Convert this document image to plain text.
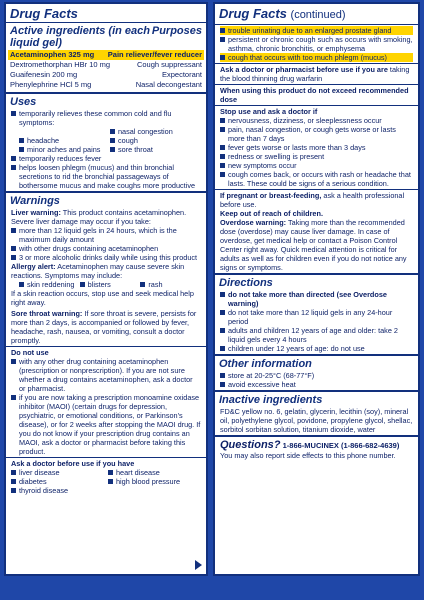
Drug Facts
Active ingredients (in each liquid gel)
Purposes
Acetaminophen 325 mg Pain reliever/fever reducer
Dextromethorphan HBr 10 mg	Cough suppressant
Guaifenesin 200 mg	Expectorant
Phenylephrine HCl 5 mg	Nasal decongestant
Uses
temporarily relieves these common cold and flu symptoms:
nasal congestion
headache	cough
minor aches and pains	sore throat
temporarily reduces fever
helps loosen phlegm (mucus) and thin bronchial secretions to rid the bronchial passageways of bothersome mucus and make coughs more productive
Warnings
Liver warning: This product contains acetaminophen. Severe liver damage may occur if you take:
more than 12 liquid gels in 24 hours, which is the maximum daily amount
with other drugs containing acetaminophen
3 or more alcoholic drinks daily while using this product
Allergy alert: Acetaminophen may cause severe skin reactions. Symptoms may include:
skin reddening	blisters	rash
If a skin reaction occurs, stop use and seek medical help right away.
Sore throat warning: If sore throat is severe, persists for more than 2 days, is accompanied or followed by fever, headache, rash, nausea, or vomiting, consult a doctor promptly.
Do not use
with any other drug containing acetaminophen (prescription or nonprescription). If you are not sure whether a drug contains acetaminophen, ask a doctor or pharmacist.
if you are now taking a prescription monoamine oxidase inhibitor (MAOI) (certain drugs for depression, psychiatric, or emotional conditions, or Parkinson's disease), or for 2 weeks after stopping the MAOI drug. If you do not know if your prescription drug contains an MAOI, ask a doctor or pharmacist before taking this product.
Ask a doctor before use if you have
liver disease	heart disease
diabetes	high blood pressure
thyroid disease
Drug Facts (continued)
trouble urinating due to an enlarged prostate gland
persistent or chronic cough such as occurs with smoking, asthma, chronic bronchitis, or emphysema
cough that occurs with too much phlegm (mucus)
Ask a doctor or pharmacist before use if you are taking the blood thinning drug warfarin
When using this product do not exceed recommended dose
Stop use and ask a doctor if
nervousness, dizziness, or sleeplessness occur
pain, nasal congestion, or cough gets worse or lasts more than 7 days
fever gets worse or lasts more than 3 days
redness or swelling is present
new symptoms occur
cough comes back, or occurs with rash or headache that lasts. These could be signs of a serious condition.
If pregnant or breast-feeding, ask a health professional before use.
Keep out of reach of children.
Overdose warning: Taking more than the recommended dose (overdose) may cause liver damage. In case of overdose, get medical help or contact a Poison Control Center right away. Quick medical attention is critical for adults as well as for children even if you do not notice any signs or symptoms.
Directions
do not take more than directed (see Overdose warning)
do not take more than 12 liquid gels in any 24-hour period
adults and children 12 years of age and older: take 2 liquid gels every 4 hours
children under 12 years of age: do not use
Other information
store at 20-25°C (68-77°F)
avoid excessive heat
Inactive ingredients
FD&C yellow no. 6, gelatin, glycerin, lecithin (soy), mineral oil, polyethylene glycol, povidone, propylene glycol, shellac, sorbitol sorbitan solution, titanium dioxide, water
Questions? 1-866-MUCINEX (1-866-682-4639)
You may also report side effects to this phone number.
